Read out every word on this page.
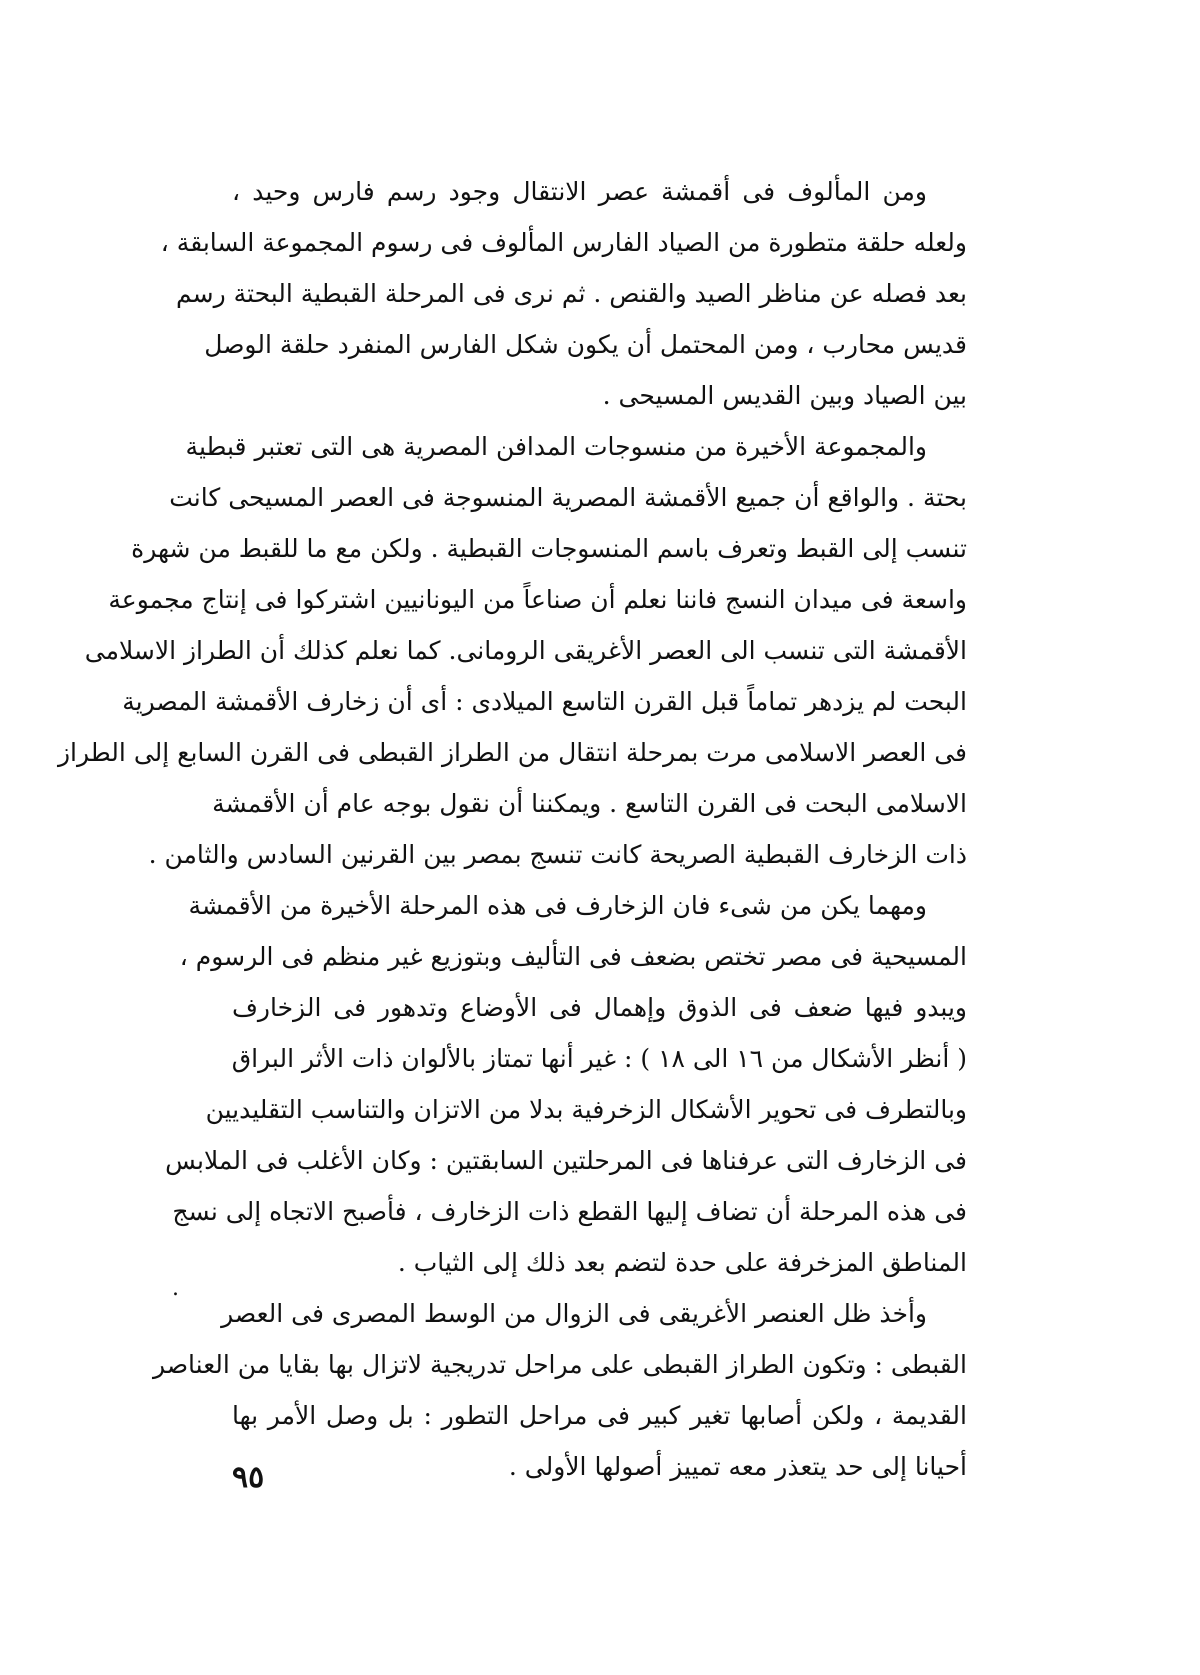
ومن المألوف فى أقمشة عصر الانتقال وجود رسم فارس وحيد ،
ولعله حلقة متطورة من الصياد الفارس المألوف فى رسوم المجموعة السابقة ،
بعد فصله عن مناظر الصيد والقنص . ثم نرى فى المرحلة القبطية البحتة رسم
قديس محارب ، ومن المحتمل أن يكون شكل الفارس المنفرد حلقة الوصل
بين الصياد وبين القديس المسيحى .
والمجموعة الأخيرة من منسوجات المدافن المصرية هى التى تعتبر قبطية
بحتة . والواقع أن جميع الأقمشة المصرية المنسوجة فى العصر المسيحى كانت
تنسب إلى القبط وتعرف باسم المنسوجات القبطية . ولكن مع ما للقبط من شهرة
واسعة فى ميدان النسج فاننا نعلم أن صناعاً من اليونانيين اشتركوا فى إنتاج مجموعة
الأقمشة التى تنسب الى العصر الأغريقى الرومانى. كما نعلم كذلك أن الطراز الاسلامى
البحت لم يزدهر تماماً قبل القرن التاسع الميلادى : أى أن زخارف الأقمشة المصرية
فى العصر الاسلامى مرت بمرحلة انتقال من الطراز القبطى فى القرن السابع إلى الطراز
الاسلامى البحت فى القرن التاسع . ويمكننا أن نقول بوجه عام أن الأقمشة
ذات الزخارف القبطية الصريحة كانت تنسج بمصر بين القرنين السادس والثامن .
ومهما يكن من شىء فان الزخارف فى هذه المرحلة الأخيرة من الأقمشة
المسيحية فى مصر تختص بضعف فى التأليف وبتوزيع غير منظم فى الرسوم ،
ويبدو فيها ضعف فى الذوق وإهمال فى الأوضاع وتدهور فى الزخارف
( أنظر الأشكال من ١٦ الى ١٨ ) : غير أنها تمتاز بالألوان ذات الأثر البراق
وبالتطرف فى تحوير الأشكال الزخرفية بدلا من الاتزان والتناسب التقليديين
فى الزخارف التى عرفناها فى المرحلتين السابقتين : وكان الأغلب فى الملابس
فى هذه المرحلة أن تضاف إليها القطع ذات الزخارف ، فأصبح الاتجاه إلى نسج
المناطق المزخرفة على حدة لتضم بعد ذلك إلى الثياب .
وأخذ ظل العنصر الأغريقى فى الزوال من الوسط المصرى فى العصر
القبطى : وتكون الطراز القبطى على مراحل تدريجية لاتزال بها بقايا من العناصر
القديمة ، ولكن أصابها تغير كبير فى مراحل التطور : بل وصل الأمر بها
أحيانا إلى حد يتعذر معه تمييز أصولها الأولى .
.
٩٥
